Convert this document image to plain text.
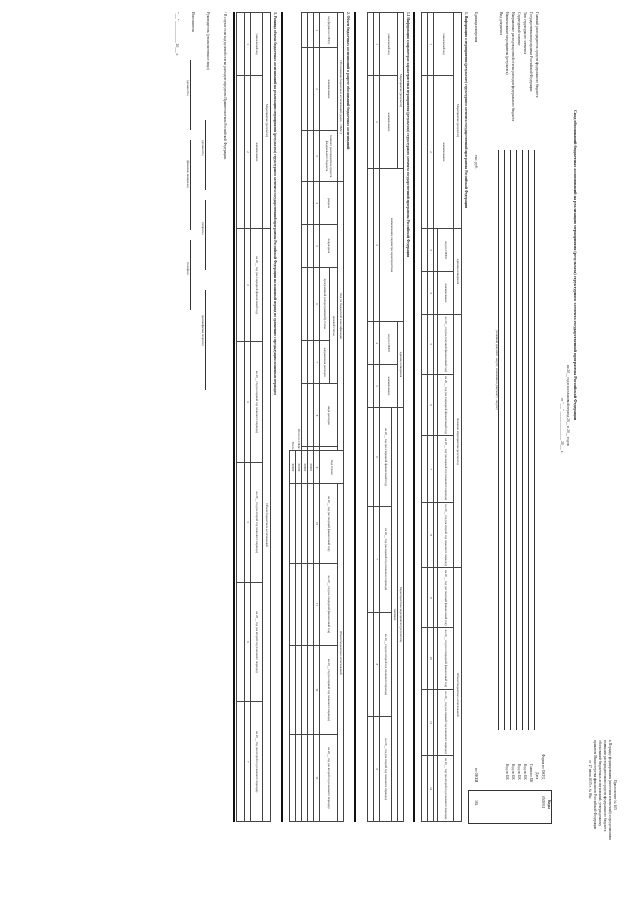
Приложение № 105
к Порядку формирования (внесения изменений) и представления
главными распорядителями средств федерального бюджета
обоснований бюджетных ассигнований, утвержденному
приказом Министерства финансов Российской Федерации
от 17 июля 2015 г. № 86н
Свод обоснований бюджетных ассигнований на реализацию мероприятия (результата) структурного элемента государственной программы Российской Федерации
на 20__ год и на плановый период 20__ и 20__ годов
от "___" ________________ 20___ г.
Коды
Форма по ОКУД
0505911
Дата
Глава по БК
Код по БК
Код по БК
Код по БК
Код по БК
по ОКЕИ
384
Главный распорядитель средств федерального бюджета
Государственная программа Российской Федерации
Тип структурного элемента
Структурный элемент
Направление расходов целевой статьи расходов федерального бюджета
Наименование мероприятия (результата)
Вид документа
(основной документ - код 01; изменения к документу - код 02)
Единица измерения
тыс. руб.
1. Информация о мероприятии (результате) структурного элемента государственной программы Российской Федерации
Мероприятие (результат)		единица измерения		Значение мероприятия (результата)				Объем бюджетных ассигнований			
уникальный код	наименование	код по ОКЕИ	наименование	на 20__ год (на текущий финансовый год)	на 20__ год (на очередной финансовый год)	на 20__ год (на первый год планового периода)	на 20__ год (на второй год планового периода)	на 20__ год (на текущий финансовый год)	на 20__ год (на очередной финансовый год)	на 20__ год (на первый год планового периода)	на 20__ год (на второй год планового периода)

1	2	3	4	5	6	7	8	9	10	11	12

1.1 Информация о параметрах характеристики мероприятия (результата) структурного элемента государственной программы Российской Федерации
Мероприятие (результат)		наименование параметра характеристики	единица измерения		Характеристика мероприятия (результата)			
уникальный код	наименование		код по ОКЕИ	наименование	значение			
					на 20__ год (на очередной финансовый год)	на 20__ год (на первый год планового периода)	на 20__ год (на второй год планового периода)	на 20__ год (на второй год планового периода)
1	2	3	4	5	6	7	8	9

2. Объем бюджетных ассигнований в разрезе обоснований бюджетных ассигнований
Обоснование бюджетных ассигнований (далее - ОБАС)			Код по бюджетной классификации						Код строки	Объем бюджетных ассигнований			
код формы по ОКУД	наименование	главного распорядителя средств федерального бюджета	раздела	подраздела	целевой статьи		вида расходов			на 20__ год (на текущий финансовый год)	на 20__ год (на очередной финансовый год)	на 20__ год (на первый год планового периода)	на 20__ год (на второй год планового периода)
					программной (непрограммной) статьи	направления расходов							
1	2	3	4	5	6	7	8		9	10	11	12	13
									00001				
									00002				
Итого по ОБАС									00100				
Всего									90000				
3. Разница объема бюджетных ассигнований на реализацию мероприятия (результата) структурного элемента государственной программы Российской Федерации на плановый период по сравнению с предыдущим плановым периодом
Мероприятие (результат)		Объем бюджетных ассигнований				
уникальный код	наименование	на 20__ год (на очередной финансовый год)	на 20__ год (на первый год планового периода)	на 20__ год (на второй год планового периода)	на 20__ год (на второй год планового периода)	на 20__ год (на второй год планового периода)
1	2	3	4	5	6	7

¹ В случае если код целевой статьи расходов определен Правительством Российской Федерации.
Руководитель (уполномоченное лицо)
(должность)
(подпись)
(расшифровка подписи)
Исполнитель
(должность)
(фамилия, инициалы)
(телефон)
"___" ____________ 20___ г.
